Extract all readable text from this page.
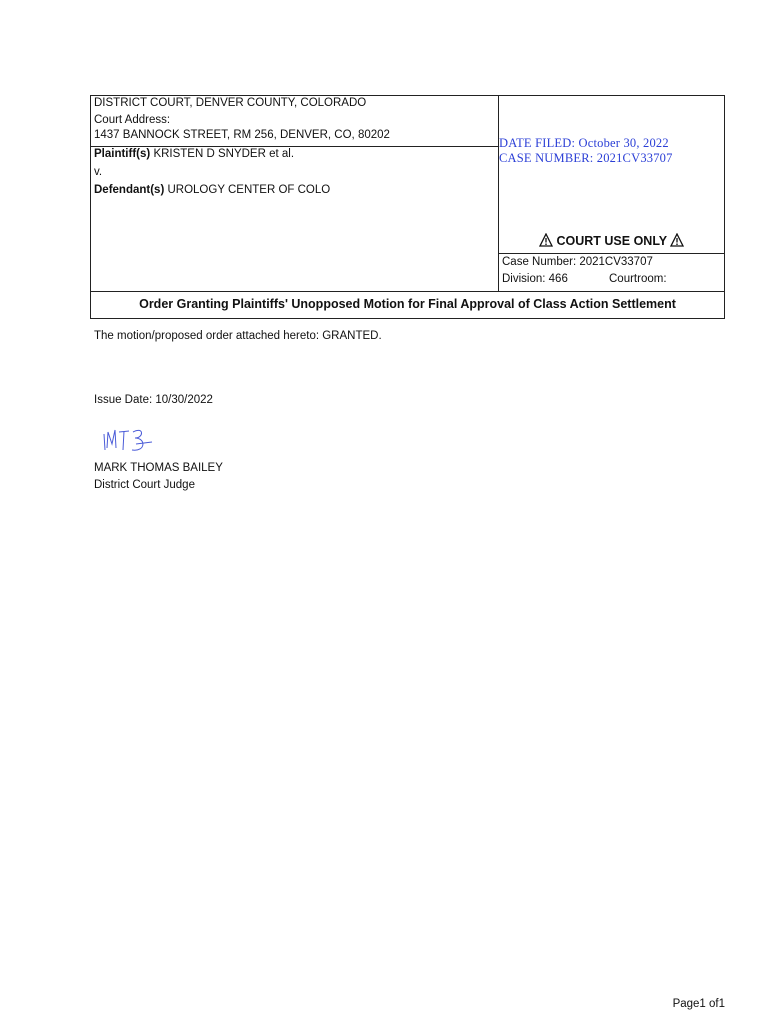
DISTRICT COURT, DENVER COUNTY, COLORADO
Court Address:
1437 BANNOCK STREET, RM 256, DENVER, CO, 80202
Plaintiff(s) KRISTEN D SNYDER et al.
v.
Defendant(s) UROLOGY CENTER OF COLO
DATE FILED: October 30, 2022
CASE NUMBER: 2021CV33707
COURT USE ONLY
Case Number: 2021CV33707
Division: 466	Courtroom:
Order Granting Plaintiffs' Unopposed Motion for Final Approval of Class Action Settlement
The motion/proposed order attached hereto: GRANTED.
Issue Date: 10/30/2022
MARK THOMAS BAILEY
District Court Judge
Page1 of1
